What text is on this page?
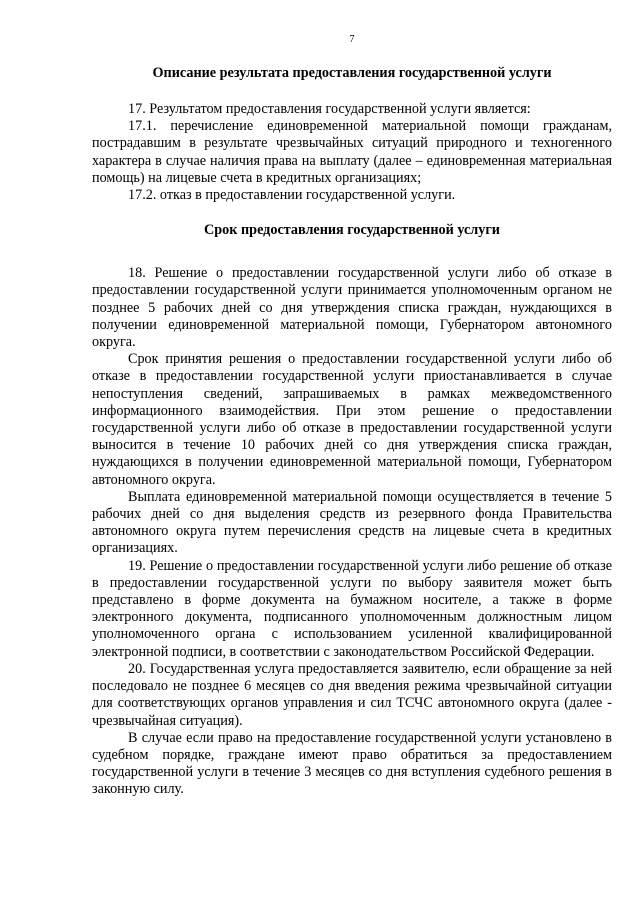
7
Описание результата предоставления государственной услуги

17. Результатом предоставления государственной услуги является:

17.1. перечисление единовременной материальной помощи гражданам, пострадавшим в результате чрезвычайных ситуаций природного и техногенного характера в случае наличия права на выплату (далее – единовременная материальная помощь) на лицевые счета в кредитных организациях;

17.2. отказ в предоставлении государственной услуги.

Срок предоставления государственной услуги

18. Решение о предоставлении государственной услуги либо об отказе в предоставлении государственной услуги принимается уполномоченным органом не позднее 5 рабочих дней со дня утверждения списка граждан, нуждающихся в получении единовременной материальной помощи, Губернатором автономного округа.

Срок принятия решения о предоставлении государственной услуги либо об отказе в предоставлении государственной услуги приостанавливается в случае непоступления сведений, запрашиваемых в рамках межведомственного информационного взаимодействия. При этом решение о предоставлении государственной услуги либо об отказе в предоставлении государственной услуги выносится в течение 10 рабочих дней со дня утверждения списка граждан, нуждающихся в получении единовременной материальной помощи, Губернатором автономного округа.

Выплата единовременной материальной помощи осуществляется в течение 5 рабочих дней со дня выделения средств из резервного фонда Правительства автономного округа путем перечисления средств на лицевые счета в кредитных организациях.

19. Решение о предоставлении государственной услуги либо решение об отказе в предоставлении государственной услуги по выбору заявителя может быть представлено в форме документа на бумажном носителе, а также в форме электронного документа, подписанного уполномоченным должностным лицом уполномоченного органа с использованием усиленной квалифицированной электронной подписи, в соответствии с законодательством Российской Федерации.

20. Государственная услуга предоставляется заявителю, если обращение за ней последовало не позднее 6 месяцев со дня введения режима чрезвычайной ситуации для соответствующих органов управления и сил ТСЧС автономного округа (далее - чрезвычайная ситуация).

В случае если право на предоставление государственной услуги установлено в судебном порядке, граждане имеют право обратиться за предоставлением государственной услуги в течение 3 месяцев со дня вступления судебного решения в законную силу.
